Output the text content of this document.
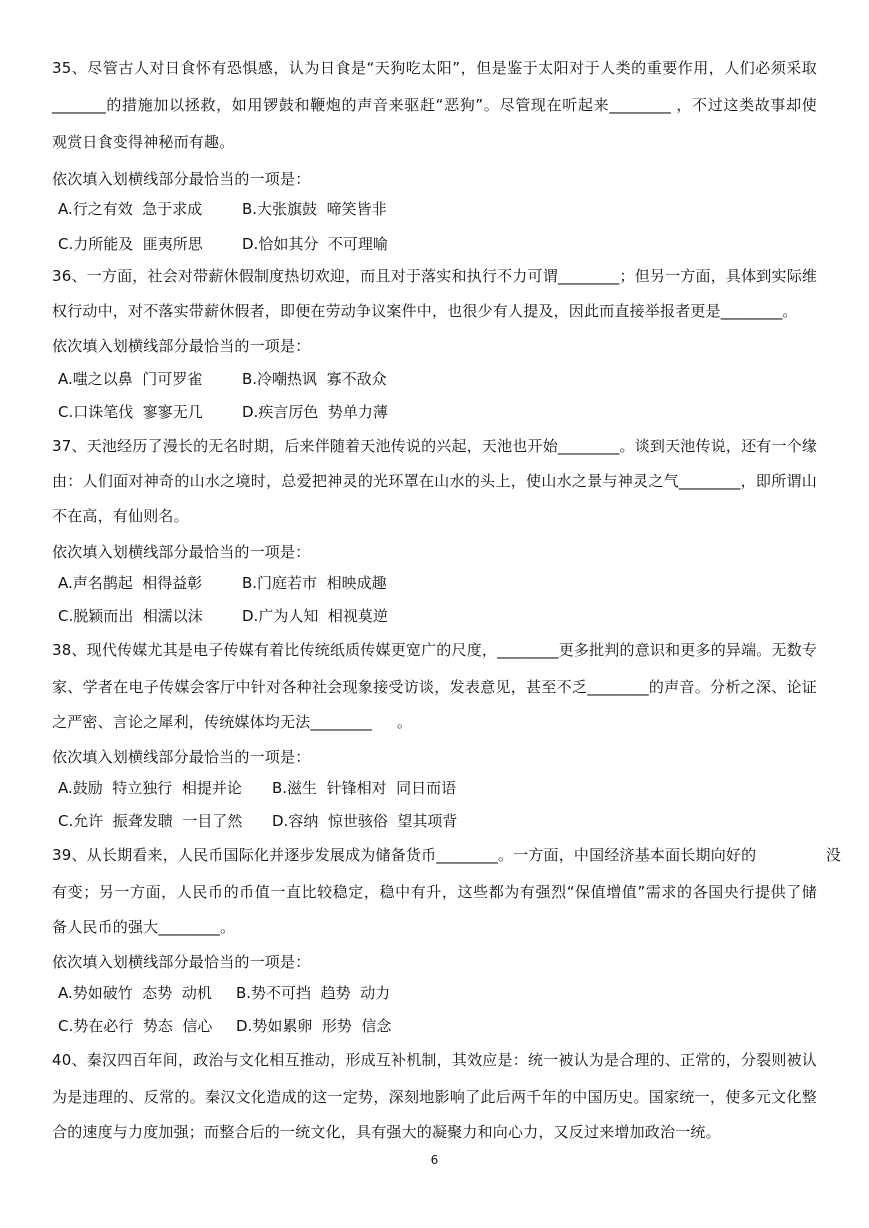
35、尽管古人对日食怀有恐惧感，认为日食是“天狗吃太阳”，但是鉴于太阳对于人类的重要作用，人们必须采取
_______的措施加以拯救，如用锣鼓和鞭炮的声音来驱赶“恶狗”。尽管现在听起来________ ，不过这类故事却使
观赏日食变得神秘而有趣。
依次填入划横线部分最恰当的一项是：
A.行之有效  急于求成	B.大张旗鼓  啼笑皆非
C.力所能及  匪夷所思	D.恰如其分  不可理喻
36、一方面，社会对带薪休假制度热切欢迎，而且对于落实和执行不力可谓________；但另一方面，具体到实际维
权行动中，对不落实带薪休假者，即便在劳动争议案件中，也很少有人提及，因此而直接举报者更是________。
依次填入划横线部分最恰当的一项是：
A.嗤之以鼻  门可罗雀	B.冷嘲热讽  寡不敌众
C.口诛笔伐  寥寥无几	D.疾言厉色  势单力薄
37、天池经历了漫长的无名时期，后来伴随着天池传说的兴起，天池也开始________。谈到天池传说，还有一个缘
由：人们面对神奇的山水之境时，总爱把神灵的光环罩在山水的头上，使山水之景与神灵之气________，即所谓山
不在高，有仙则名。
依次填入划横线部分最恰当的一项是：
A.声名鹊起  相得益彰	B.门庭若市  相映成趣
C.脱颖而出  相濡以沫	D.广为人知  相视莫逆
38、现代传媒尤其是电子传媒有着比传统纸质传媒更宽广的尺度，________更多批判的意识和更多的异端。无数专
家、学者在电子传媒会客厅中针对各种社会现象接受访谈，发表意见，甚至不乏________的声音。分析之深、论证
之严密、言论之犀利，传统媒体均无法________     。
依次填入划横线部分最恰当的一项是：
A.鼓励  特立独行  相提并论 B.滋生  针锋相对  同日而语
C.允许  振聋发聩  一目了然 D.容纳  惊世骇俗  望其项背
39、从长期看来，人民币国际化并逐步发展成为储备货币________。一方面，中国经济基本面长期向好的              没
有变；另一方面，人民币的币值一直比较稳定，稳中有升，这些都为有强烈“保值增值”需求的各国央行提供了储
备人民币的强大________。
依次填入划横线部分最恰当的一项是：
A.势如破竹  态势  动机 B.势不可挡  趋势  动力
C.势在必行  势态  信心 D.势如累卵  形势  信念
40、秦汉四百年间，政治与文化相互推动，形成互补机制，其效应是：统一被认为是合理的、正常的，分裂则被认
为是违理的、反常的。秦汉文化造成的这一定势，深刻地影响了此后两千年的中国历史。国家统一，使多元文化整
合的速度与力度加强；而整合后的一统文化，具有强大的凝聚力和向心力，又反过来增加政治一统。
6
